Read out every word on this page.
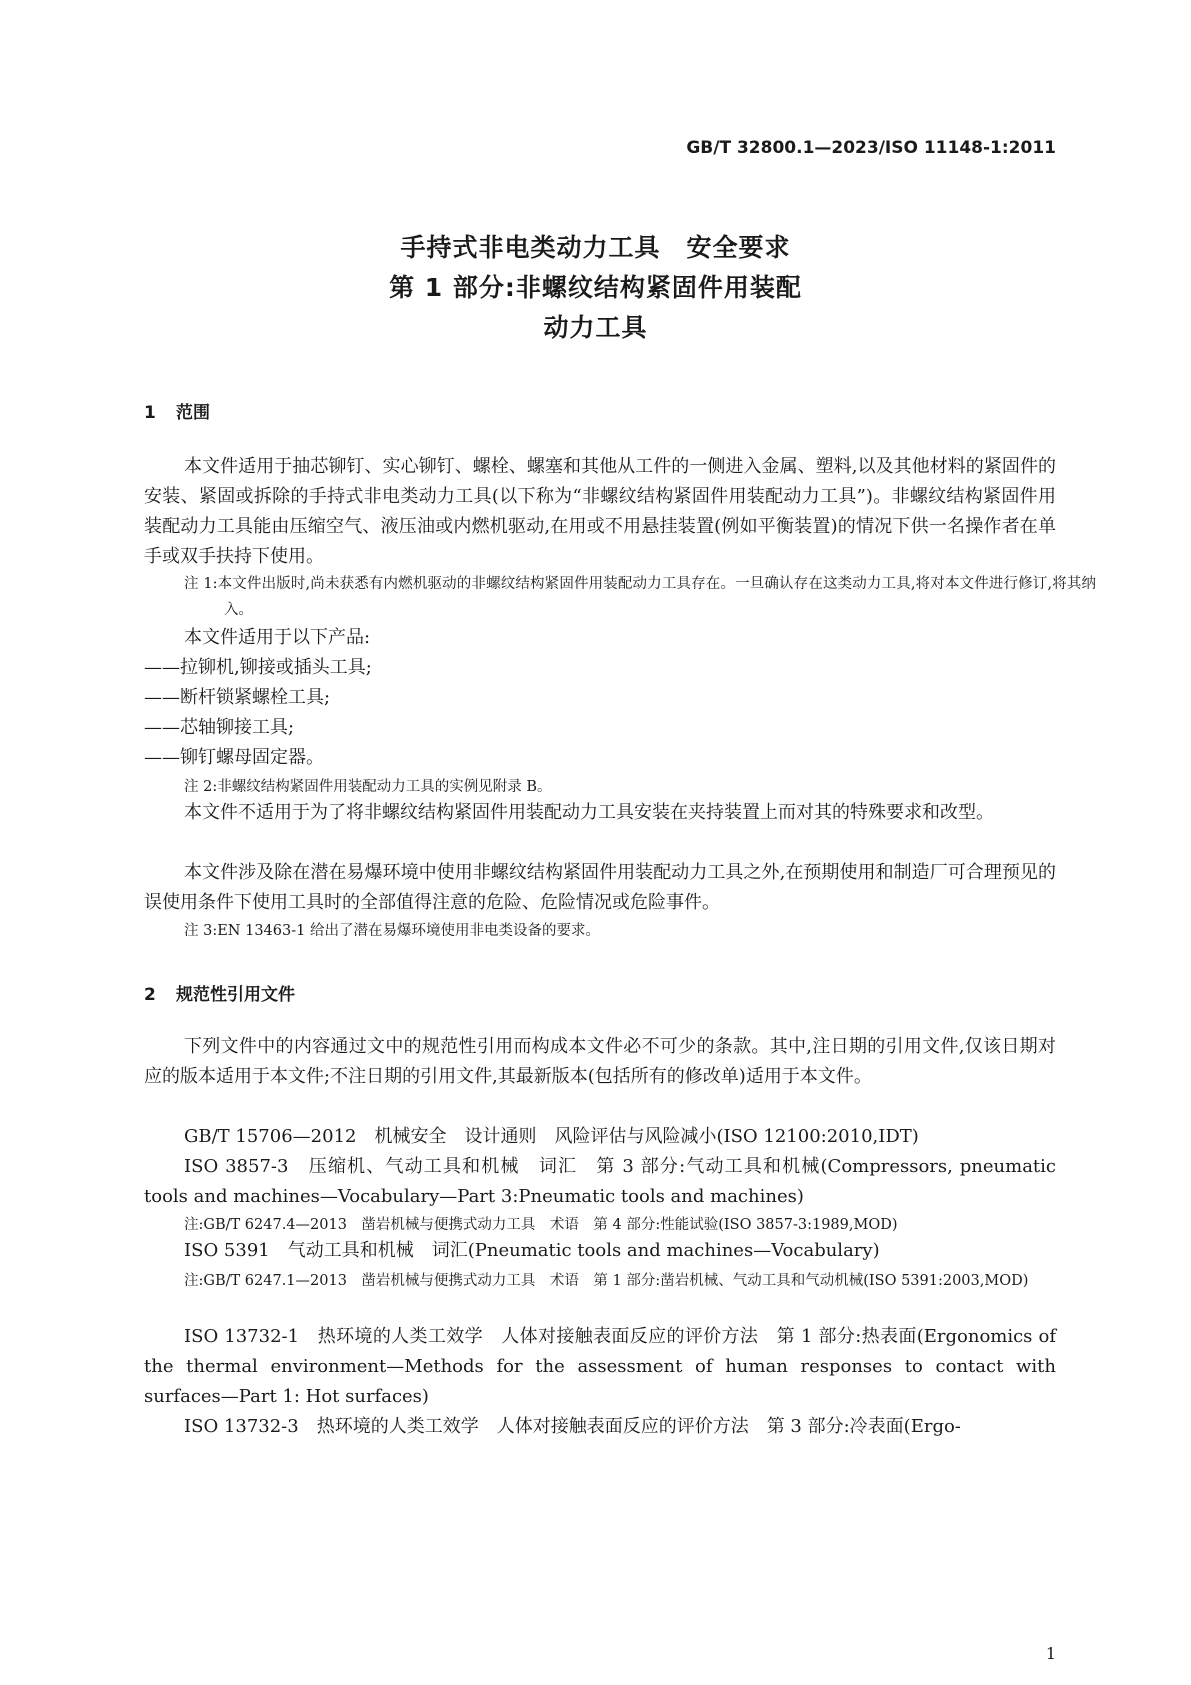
GB/T 32800.1—2023/ISO 11148-1:2011
手持式非电类动力工具　安全要求
第 1 部分:非螺纹结构紧固件用装配
动力工具
1 范围
本文件适用于抽芯铆钉、实心铆钉、螺栓、螺塞和其他从工件的一侧进入金属、塑料,以及其他材料的紧固件的安装、紧固或拆除的手持式非电类动力工具(以下称为“非螺纹结构紧固件用装配动力工具”)。非螺纹结构紧固件用装配动力工具能由压缩空气、液压油或内燃机驱动,在用或不用悬挂装置(例如平衡装置)的情况下供一名操作者在单手或双手扶持下使用。
注 1:本文件出版时,尚未获悉有内燃机驱动的非螺纹结构紧固件用装配动力工具存在。一旦确认存在这类动力工具,将对本文件进行修订,将其纳入。
本文件适用于以下产品:
——拉铆机,铆接或插头工具;
——断杆锁紧螺栓工具;
——芯轴铆接工具;
——铆钉螺母固定器。
注 2:非螺纹结构紧固件用装配动力工具的实例见附录 B。
本文件不适用于为了将非螺纹结构紧固件用装配动力工具安装在夹持装置上而对其的特殊要求和改型。
本文件涉及除在潜在易爆环境中使用非螺纹结构紧固件用装配动力工具之外,在预期使用和制造厂可合理预见的误使用条件下使用工具时的全部值得注意的危险、危险情况或危险事件。
注 3:EN 13463-1 给出了潜在易爆环境使用非电类设备的要求。
2 规范性引用文件
下列文件中的内容通过文中的规范性引用而构成本文件必不可少的条款。其中,注日期的引用文件,仅该日期对应的版本适用于本文件;不注日期的引用文件,其最新版本(包括所有的修改单)适用于本文件。
GB/T 15706—2012　机械安全　设计通则　风险评估与风险减小(ISO 12100:2010,IDT)
ISO 3857-3　压缩机、气动工具和机械　词汇　第 3 部分:气动工具和机械(Compressors, pneumatic tools and machines—Vocabulary—Part 3:Pneumatic tools and machines)
注:GB/T 6247.4—2013　凿岩机械与便携式动力工具　术语　第 4 部分:性能试验(ISO 3857-3:1989,MOD)
ISO 5391　气动工具和机械　词汇(Pneumatic tools and machines—Vocabulary)
注:GB/T 6247.1—2013　凿岩机械与便携式动力工具　术语　第 1 部分:凿岩机械、气动工具和气动机械(ISO 5391:2003,MOD)
ISO 13732-1　热环境的人类工效学　人体对接触表面反应的评价方法　第 1 部分:热表面(Ergonomics of the thermal environment—Methods for the assessment of human responses to contact with surfaces—Part 1: Hot surfaces)
ISO 13732-3　热环境的人类工效学　人体对接触表面反应的评价方法　第 3 部分:冷表面(Ergo-
1
